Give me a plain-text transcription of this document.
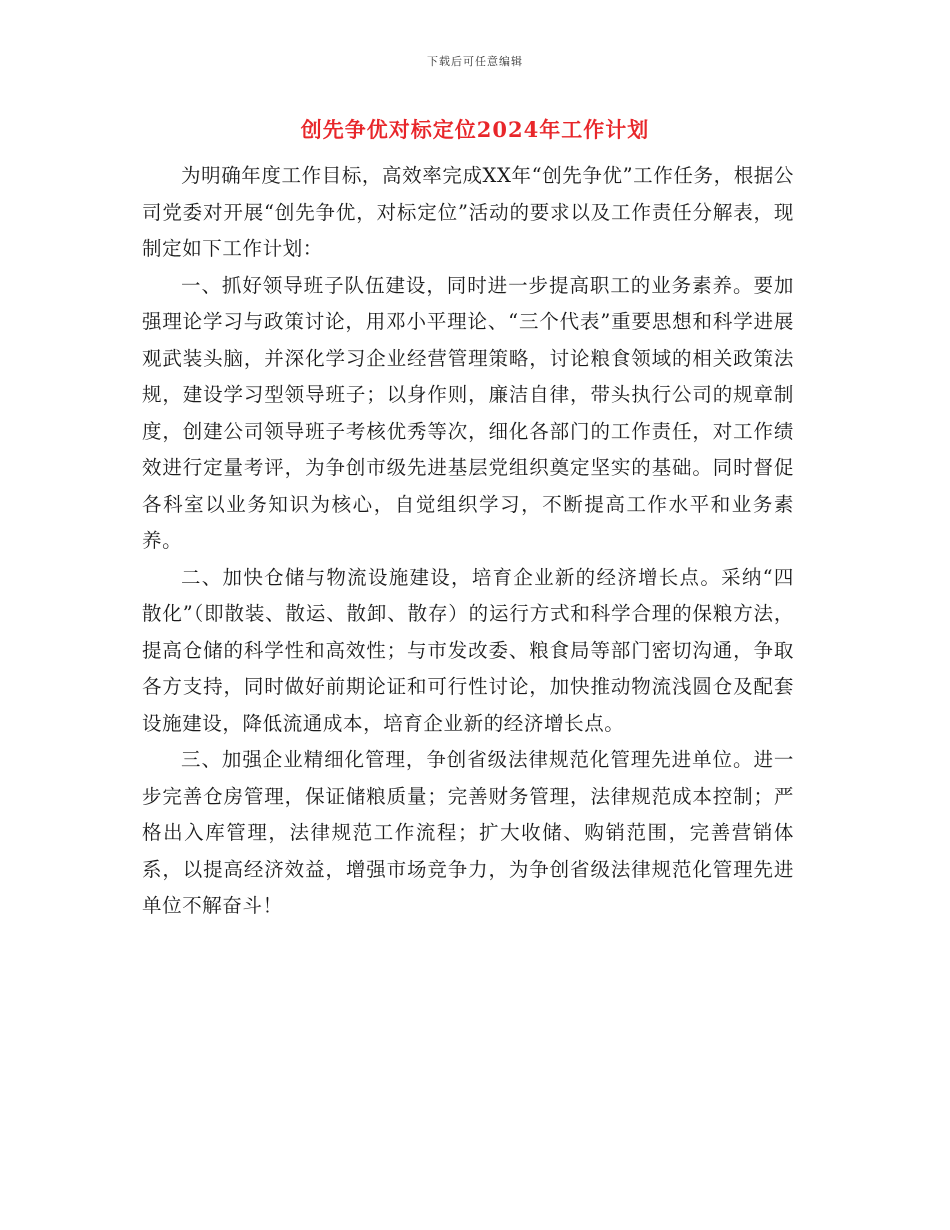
下载后可任意编辑
创先争优对标定位2024年工作计划

为明确年度工作目标，高效率完成XX年“创先争优”工作任务，根据公司党委对开展“创先争优，对标定位”活动的要求以及工作责任分解表，现制定如下工作计划：

一、抓好领导班子队伍建设，同时进一步提高职工的业务素养。要加强理论学习与政策讨论，用邓小平理论、“三个代表”重要思想和科学进展观武装头脑，并深化学习企业经营管理策略，讨论粮食领域的相关政策法规，建设学习型领导班子；以身作则，廉洁自律，带头执行公司的规章制度，创建公司领导班子考核优秀等次，细化各部门的工作责任，对工作绩效进行定量考评，为争创市级先进基层党组织奠定坚实的基础。同时督促各科室以业务知识为核心，自觉组织学习，不断提高工作水平和业务素养。

二、加快仓储与物流设施建设，培育企业新的经济增长点。采纳“四散化”（即散装、散运、散卸、散存）的运行方式和科学合理的保粮方法，提高仓储的科学性和高效性；与市发改委、粮食局等部门密切沟通，争取各方支持，同时做好前期论证和可行性讨论，加快推动物流浅圆仓及配套设施建设，降低流通成本，培育企业新的经济增长点。

三、加强企业精细化管理，争创省级法律规范化管理先进单位。进一步完善仓房管理，保证储粮质量；完善财务管理，法律规范成本控制；严格出入库管理，法律规范工作流程；扩大收储、购销范围，完善营销体系，以提高经济效益，增强市场竞争力，为争创省级法律规范化管理先进单位不解奋斗！
